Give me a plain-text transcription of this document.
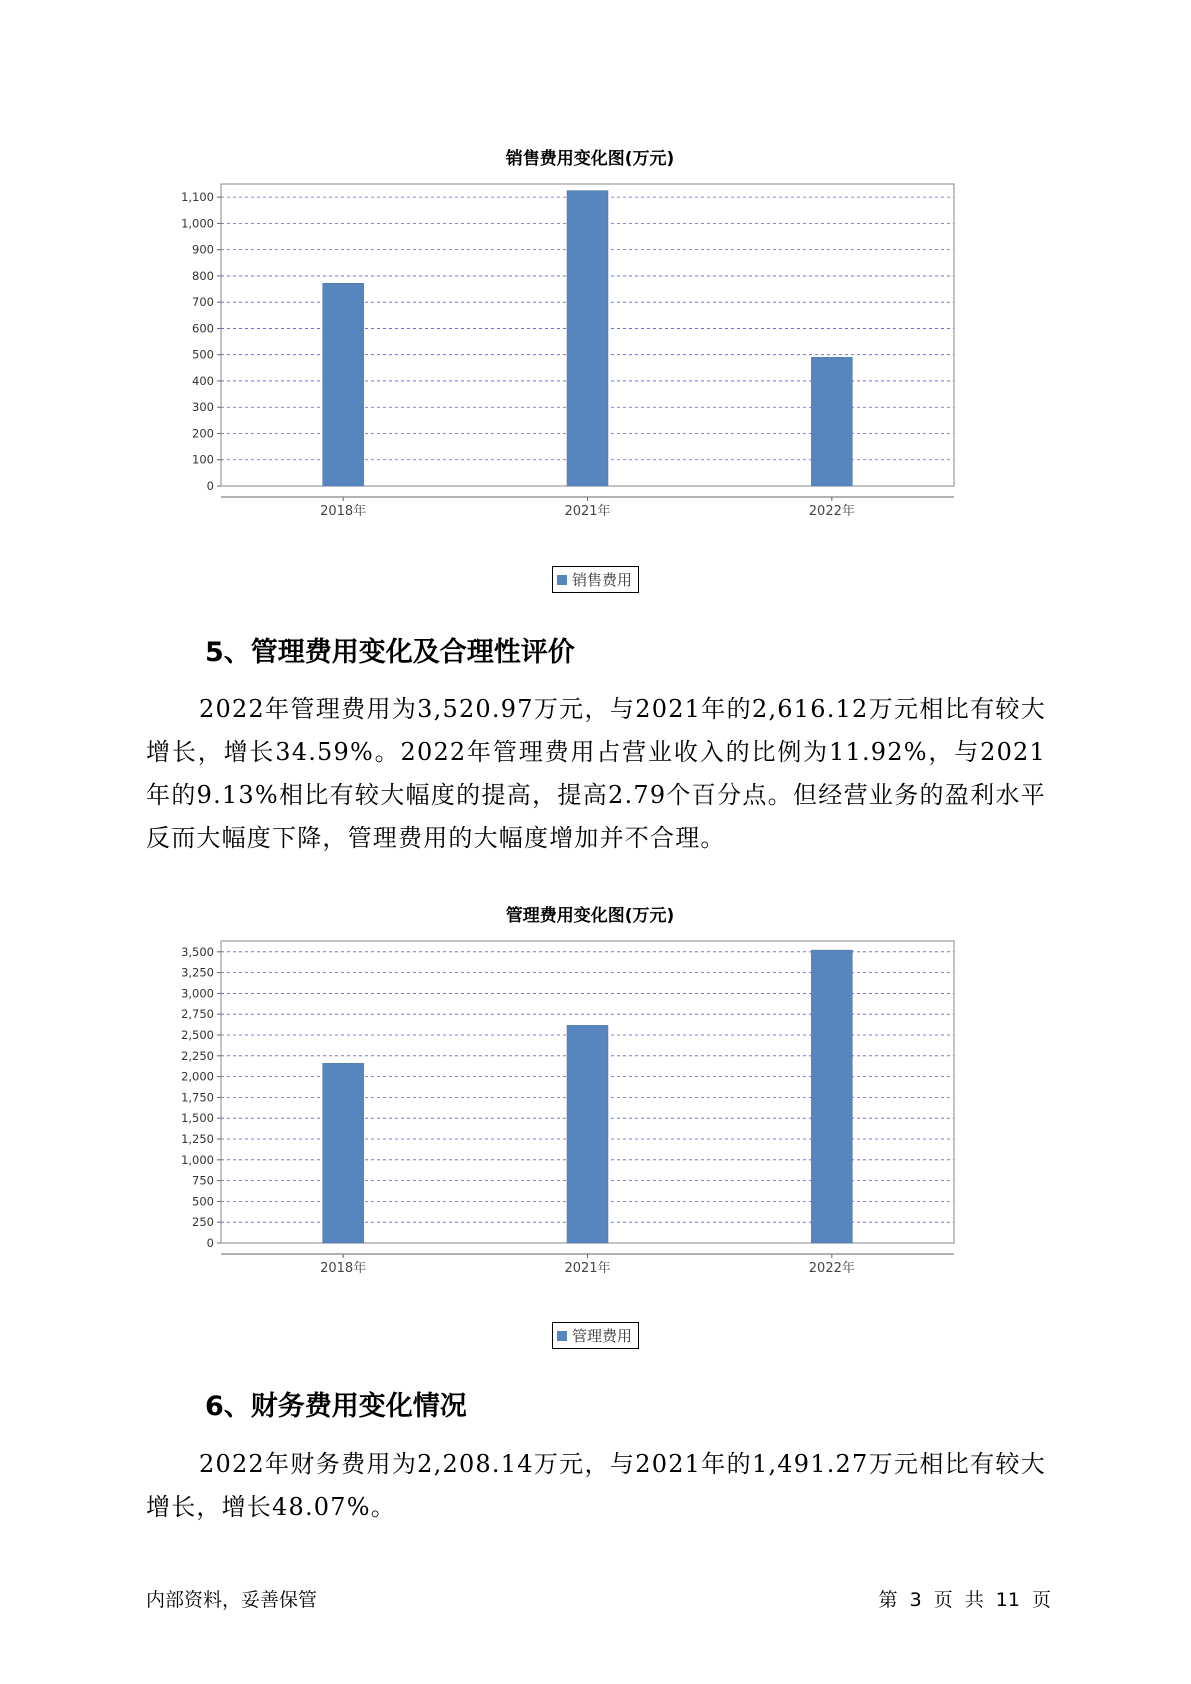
销售费用变化图(万元)
0
100
200
300
400
500
600
700
800
900
1,000
1,100
2018年	2021年	2022年
销售费用
5、管理费用变化及合理性评价
2022年管理费用为3,520.97万元，与2021年的2,616.12万元相比有较大增长，增长34.59%。2022年管理费用占营业收入的比例为11.92%，与2021年的9.13%相比有较大幅度的提高，提高2.79个百分点。但经营业务的盈利水平反而大幅度下降，管理费用的大幅度增加并不合理。
管理费用变化图(万元)
0
250
500
750
1,000
1,250
1,500
1,750
2,000
2,250
2,500
2,750
3,000
3,250
3,500
2018年	2021年	2022年
管理费用
6、财务费用变化情况
2022年财务费用为2,208.14万元，与2021年的1,491.27万元相比有较大增长，增长48.07%。
内部资料，妥善保管	第 3 页 共 11 页
